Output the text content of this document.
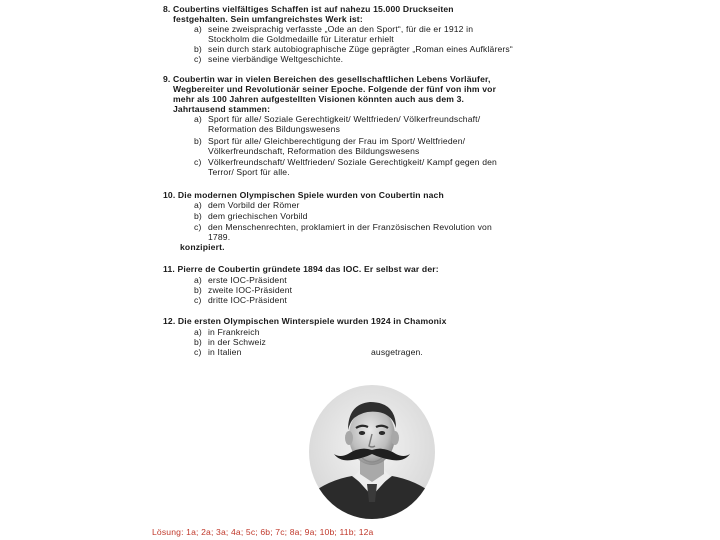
8. Coubertins vielfältiges Schaffen ist auf nahezu 15.000 Druckseiten
festgehalten. Sein umfangreichstes Werk ist:
a) seine zweisprachig verfasste „Ode an den Sport“, für die er 1912 in
Stockholm die Goldmedaille für Literatur erhielt
b) sein durch stark autobiographische Züge geprägter „Roman eines Aufklärers“
c) seine vierbändige Weltgeschichte.
9. Coubertin war in vielen Bereichen des gesellschaftlichen Lebens Vorläufer,
Wegbereiter und Revolutionär seiner Epoche. Folgende der fünf von ihm vor
mehr als 100 Jahren aufgestellten Visionen könnten auch aus dem 3.
Jahrtausend stammen:
a) Sport für alle/ Soziale Gerechtigkeit/ Weltfrieden/ Völkerfreundschaft/
Reformation des Bildungswesens
b) Sport für alle/ Gleichberechtigung der Frau im Sport/ Weltfrieden/
Völkerfreundschaft, Reformation des Bildungswesens
c) Völkerfreundschaft/ Weltfrieden/ Soziale Gerechtigkeit/ Kampf gegen den
Terror/ Sport für alle.
10. Die modernen Olympischen Spiele wurden von Coubertin nach
a) dem Vorbild der Römer
b) dem griechischen Vorbild
c) den Menschenrechten, proklamiert in der Französischen Revolution von
1789.
konzipiert.
11. Pierre de Coubertin gründete 1894 das IOC. Er selbst war der:
a) erste IOC-Präsident
b) zweite IOC-Präsident
c) dritte IOC-Präsident
12. Die ersten Olympischen Winterspiele wurden 1924 in Chamonix
a) in Frankreich
b) in der Schweiz
c) in Italien	ausgetragen.
Lösung: 1a; 2a; 3a; 4a; 5c; 6b; 7c; 8a; 9a; 10b; 11b; 12a
